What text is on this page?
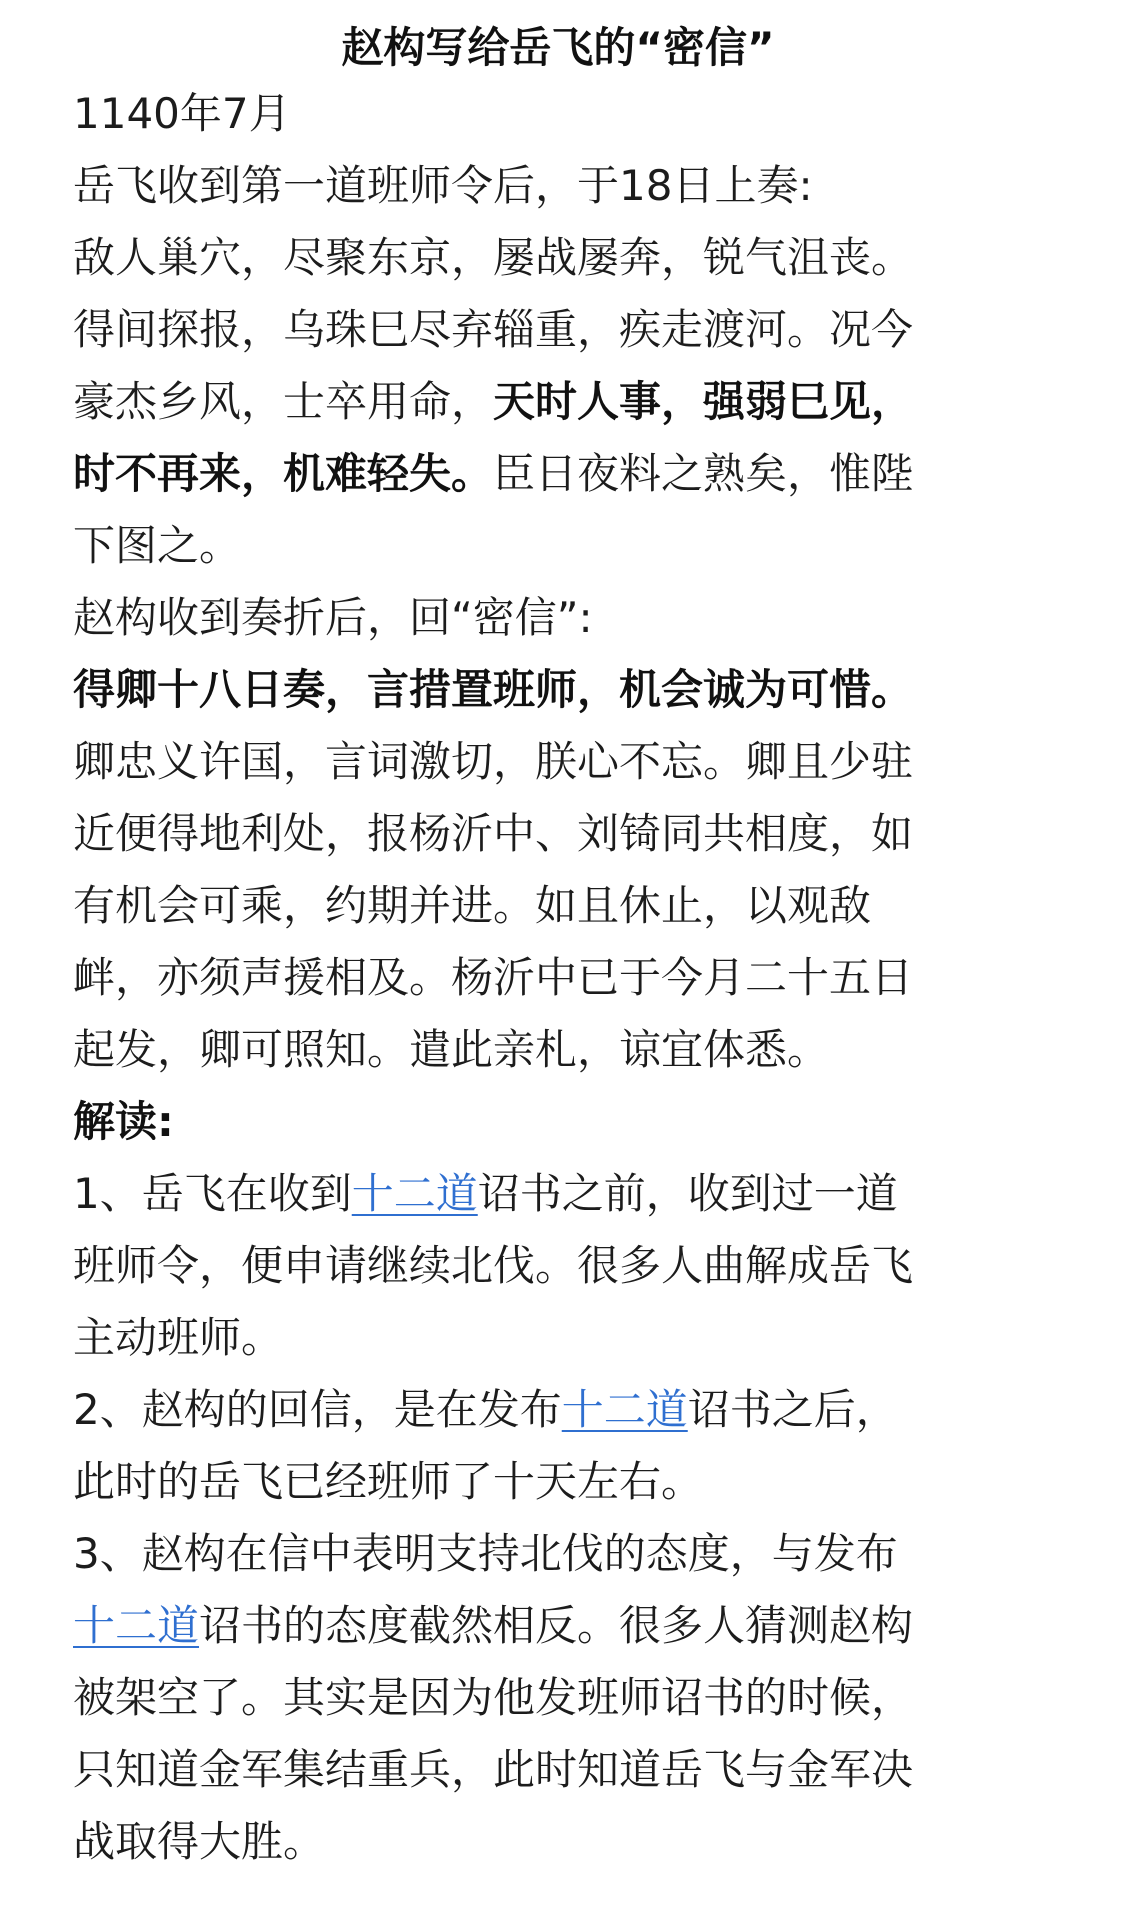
赵构写给岳飞的“密信”

1140年7月

岳飞收到第一道班师令后，于18日上奏:

敌人巢穴，尽聚东京，屡战屡奔，锐气沮丧。

得间探报，乌珠巳尽弃辎重，疾走渡河。况今

豪杰乡风，士卒用命，天时人事，强弱巳见，

时不再来，机难轻失。臣日夜料之熟矣，惟陛

下图之。

赵构收到奏折后，回“密信”:

得卿十八日奏，言措置班师，机会诚为可惜。

卿忠义许国，言词激切，朕心不忘。卿且少驻

近便得地利处，报杨沂中、刘锜同共相度，如

有机会可乘，约期并进。如且休止，以观敌

衅，亦须声援相及。杨沂中已于今月二十五日

起发，卿可照知。遣此亲札，谅宜体悉。

解读:

1、岳飞在收到十二道诏书之前，收到过一道

班师令，便申请继续北伐。很多人曲解成岳飞

主动班师。

2、赵构的回信，是在发布十二道诏书之后，

此时的岳飞已经班师了十天左右。

3、赵构在信中表明支持北伐的态度，与发布

十二道诏书的态度截然相反。很多人猜测赵构

被架空了。其实是因为他发班师诏书的时候，

只知道金军集结重兵，此时知道岳飞与金军决

战取得大胜。
